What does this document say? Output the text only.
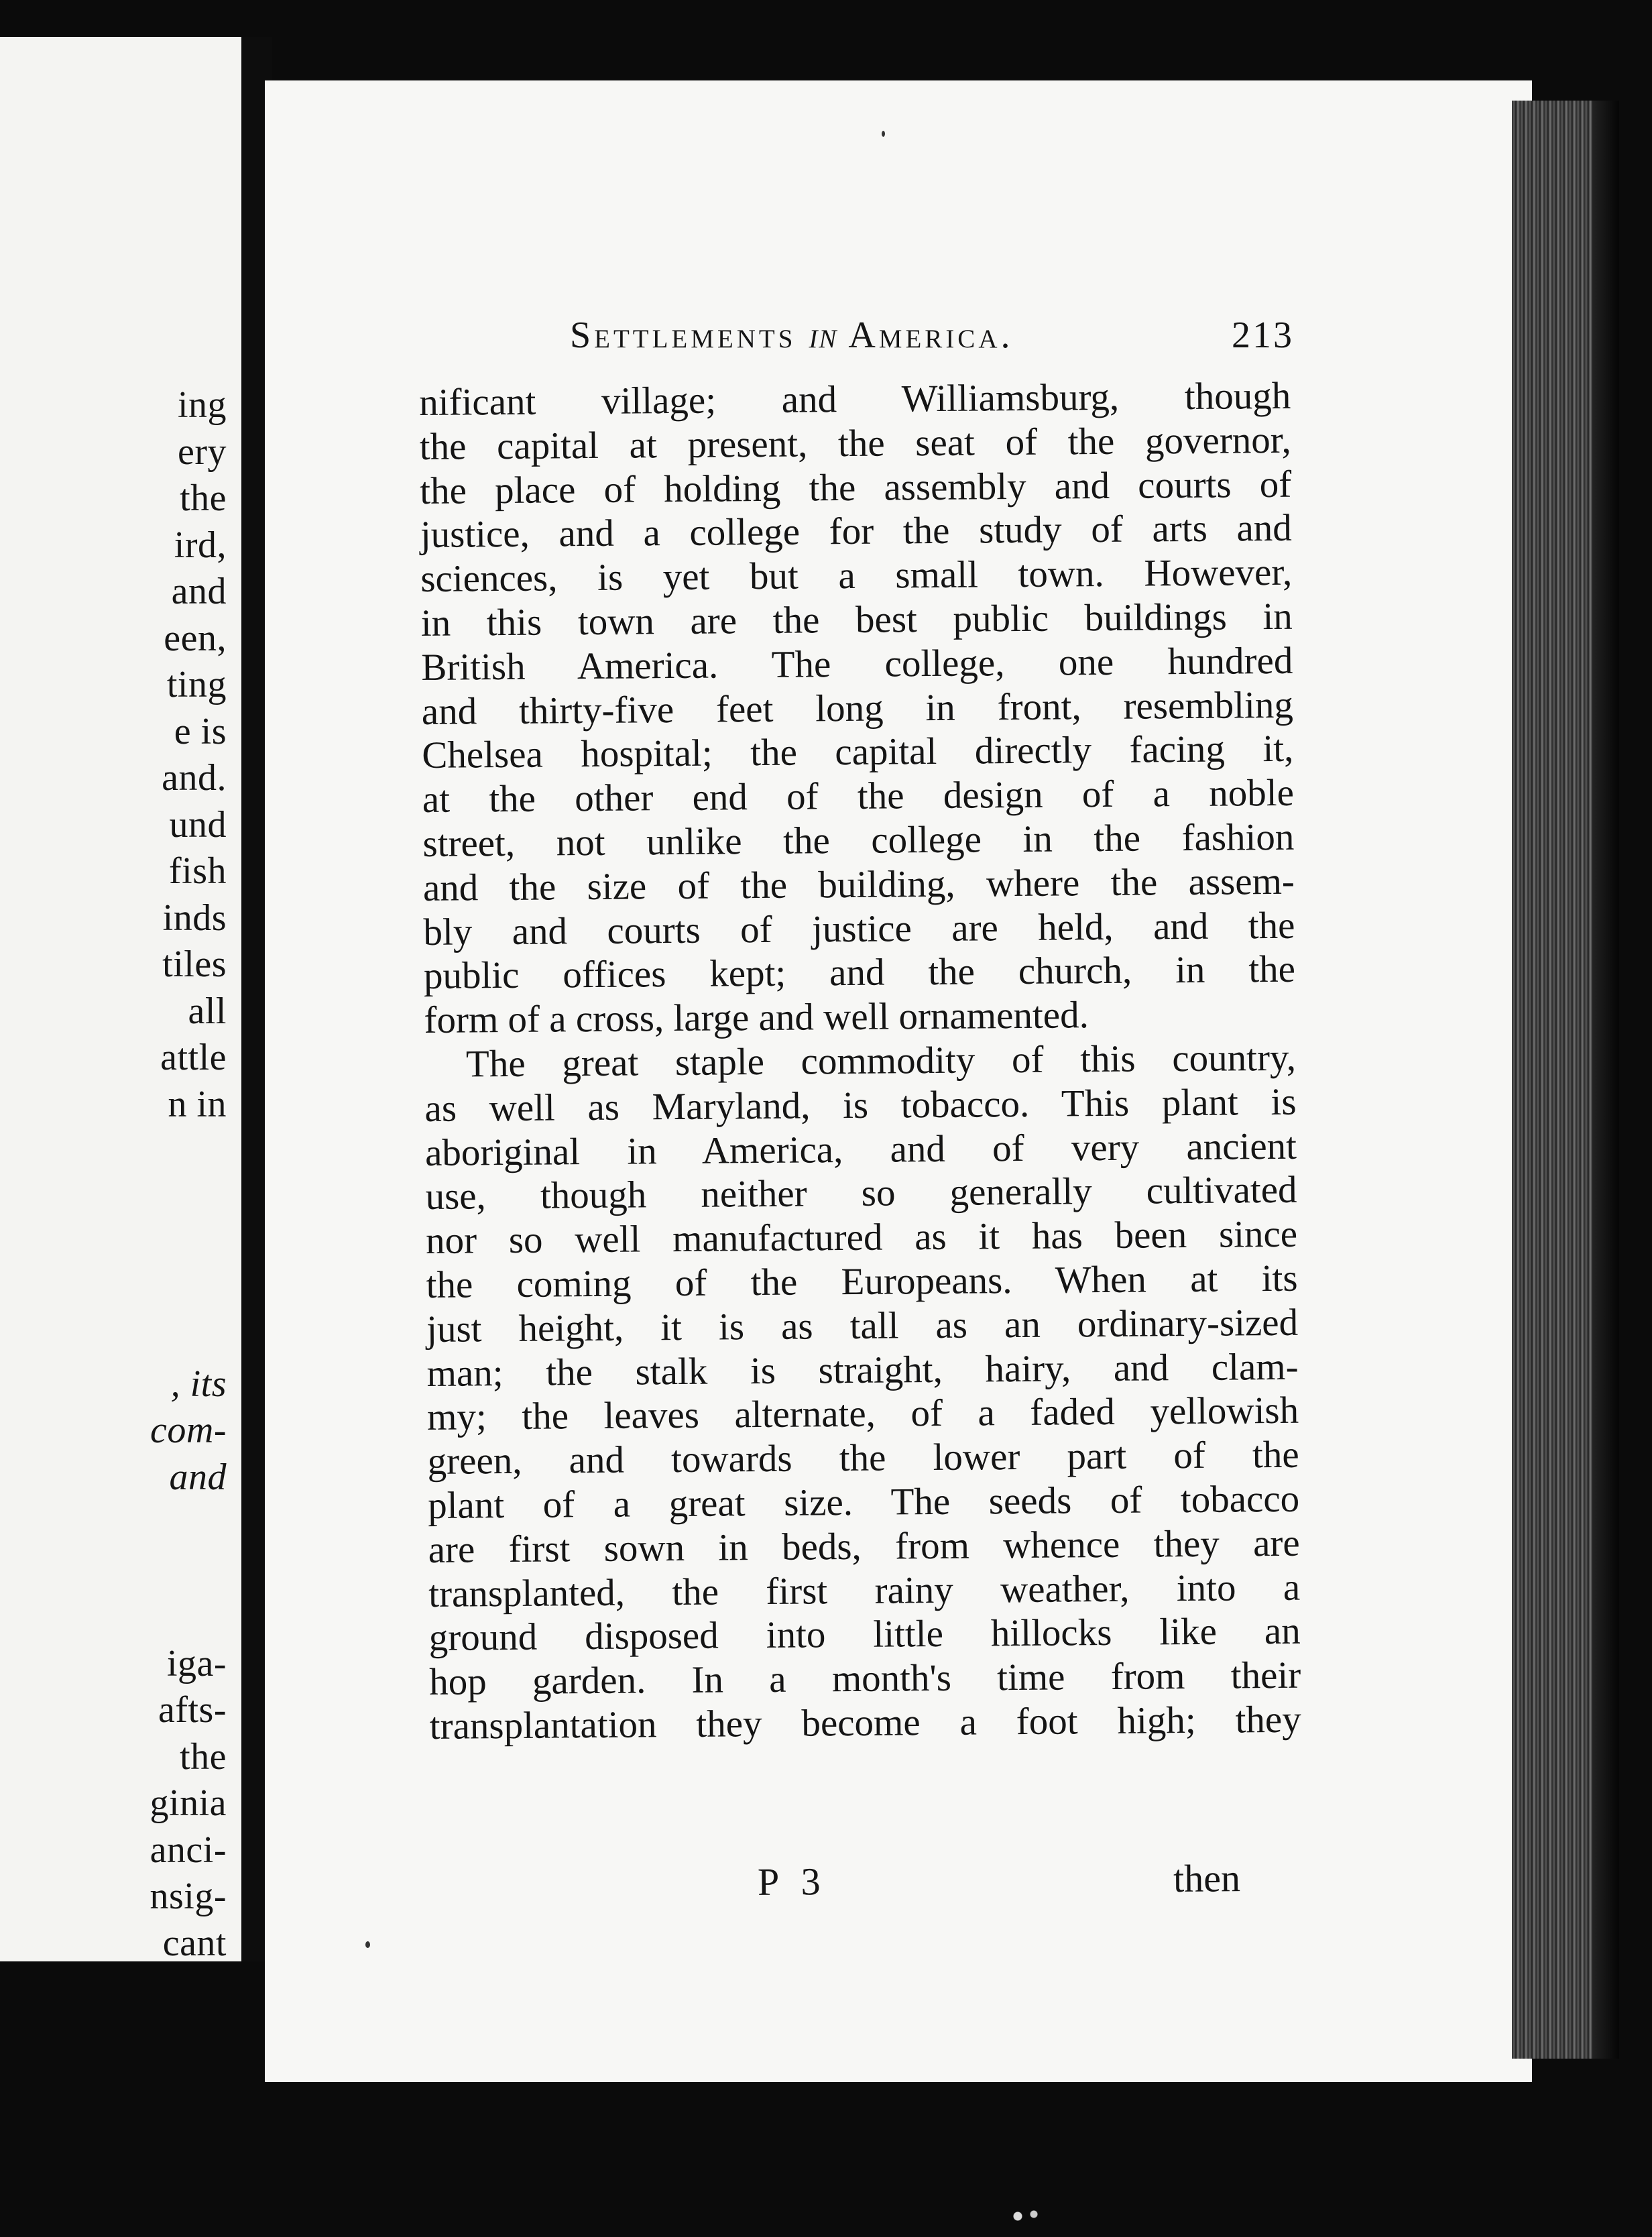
ing
ery
the
ird,
and
een,
ting
e is
and.
und
fish
inds
tiles
all
attle
n in
, its
com-
and
iga-
afts-
the
ginia
anci-
nsig-
cant
Settlements in America.	213
nificant village; and Williamsburg, though
the capital at present, the seat of the governor,
the place of holding the assembly and courts of
justice, and a college for the study of arts and
sciences, is yet but a small town. However,
in this town are the best public buildings in
British America. The college, one hundred
and thirty-five feet long in front, resembling
Chelsea hospital; the capital directly facing it,
at the other end of the design of a noble
street, not unlike the college in the fashion
and the size of the building, where the assem-
bly and courts of justice are held, and the
public offices kept; and the church, in the
form of a cross, large and well ornamented.
The great staple commodity of this country,
as well as Maryland, is tobacco. This plant is
aboriginal in America, and of very ancient
use, though neither so generally cultivated
nor so well manufactured as it has been since
the coming of the Europeans. When at its
just height, it is as tall as an ordinary-sized
man; the stalk is straight, hairy, and clam-
my; the leaves alternate, of a faded yellowish
green, and towards the lower part of the
plant of a great size. The seeds of tobacco
are first sown in beds, from whence they are
transplanted, the first rainy weather, into a
ground disposed into little hillocks like an
hop garden. In a month's time from their
transplantation they become a foot high; they
P 3	then
